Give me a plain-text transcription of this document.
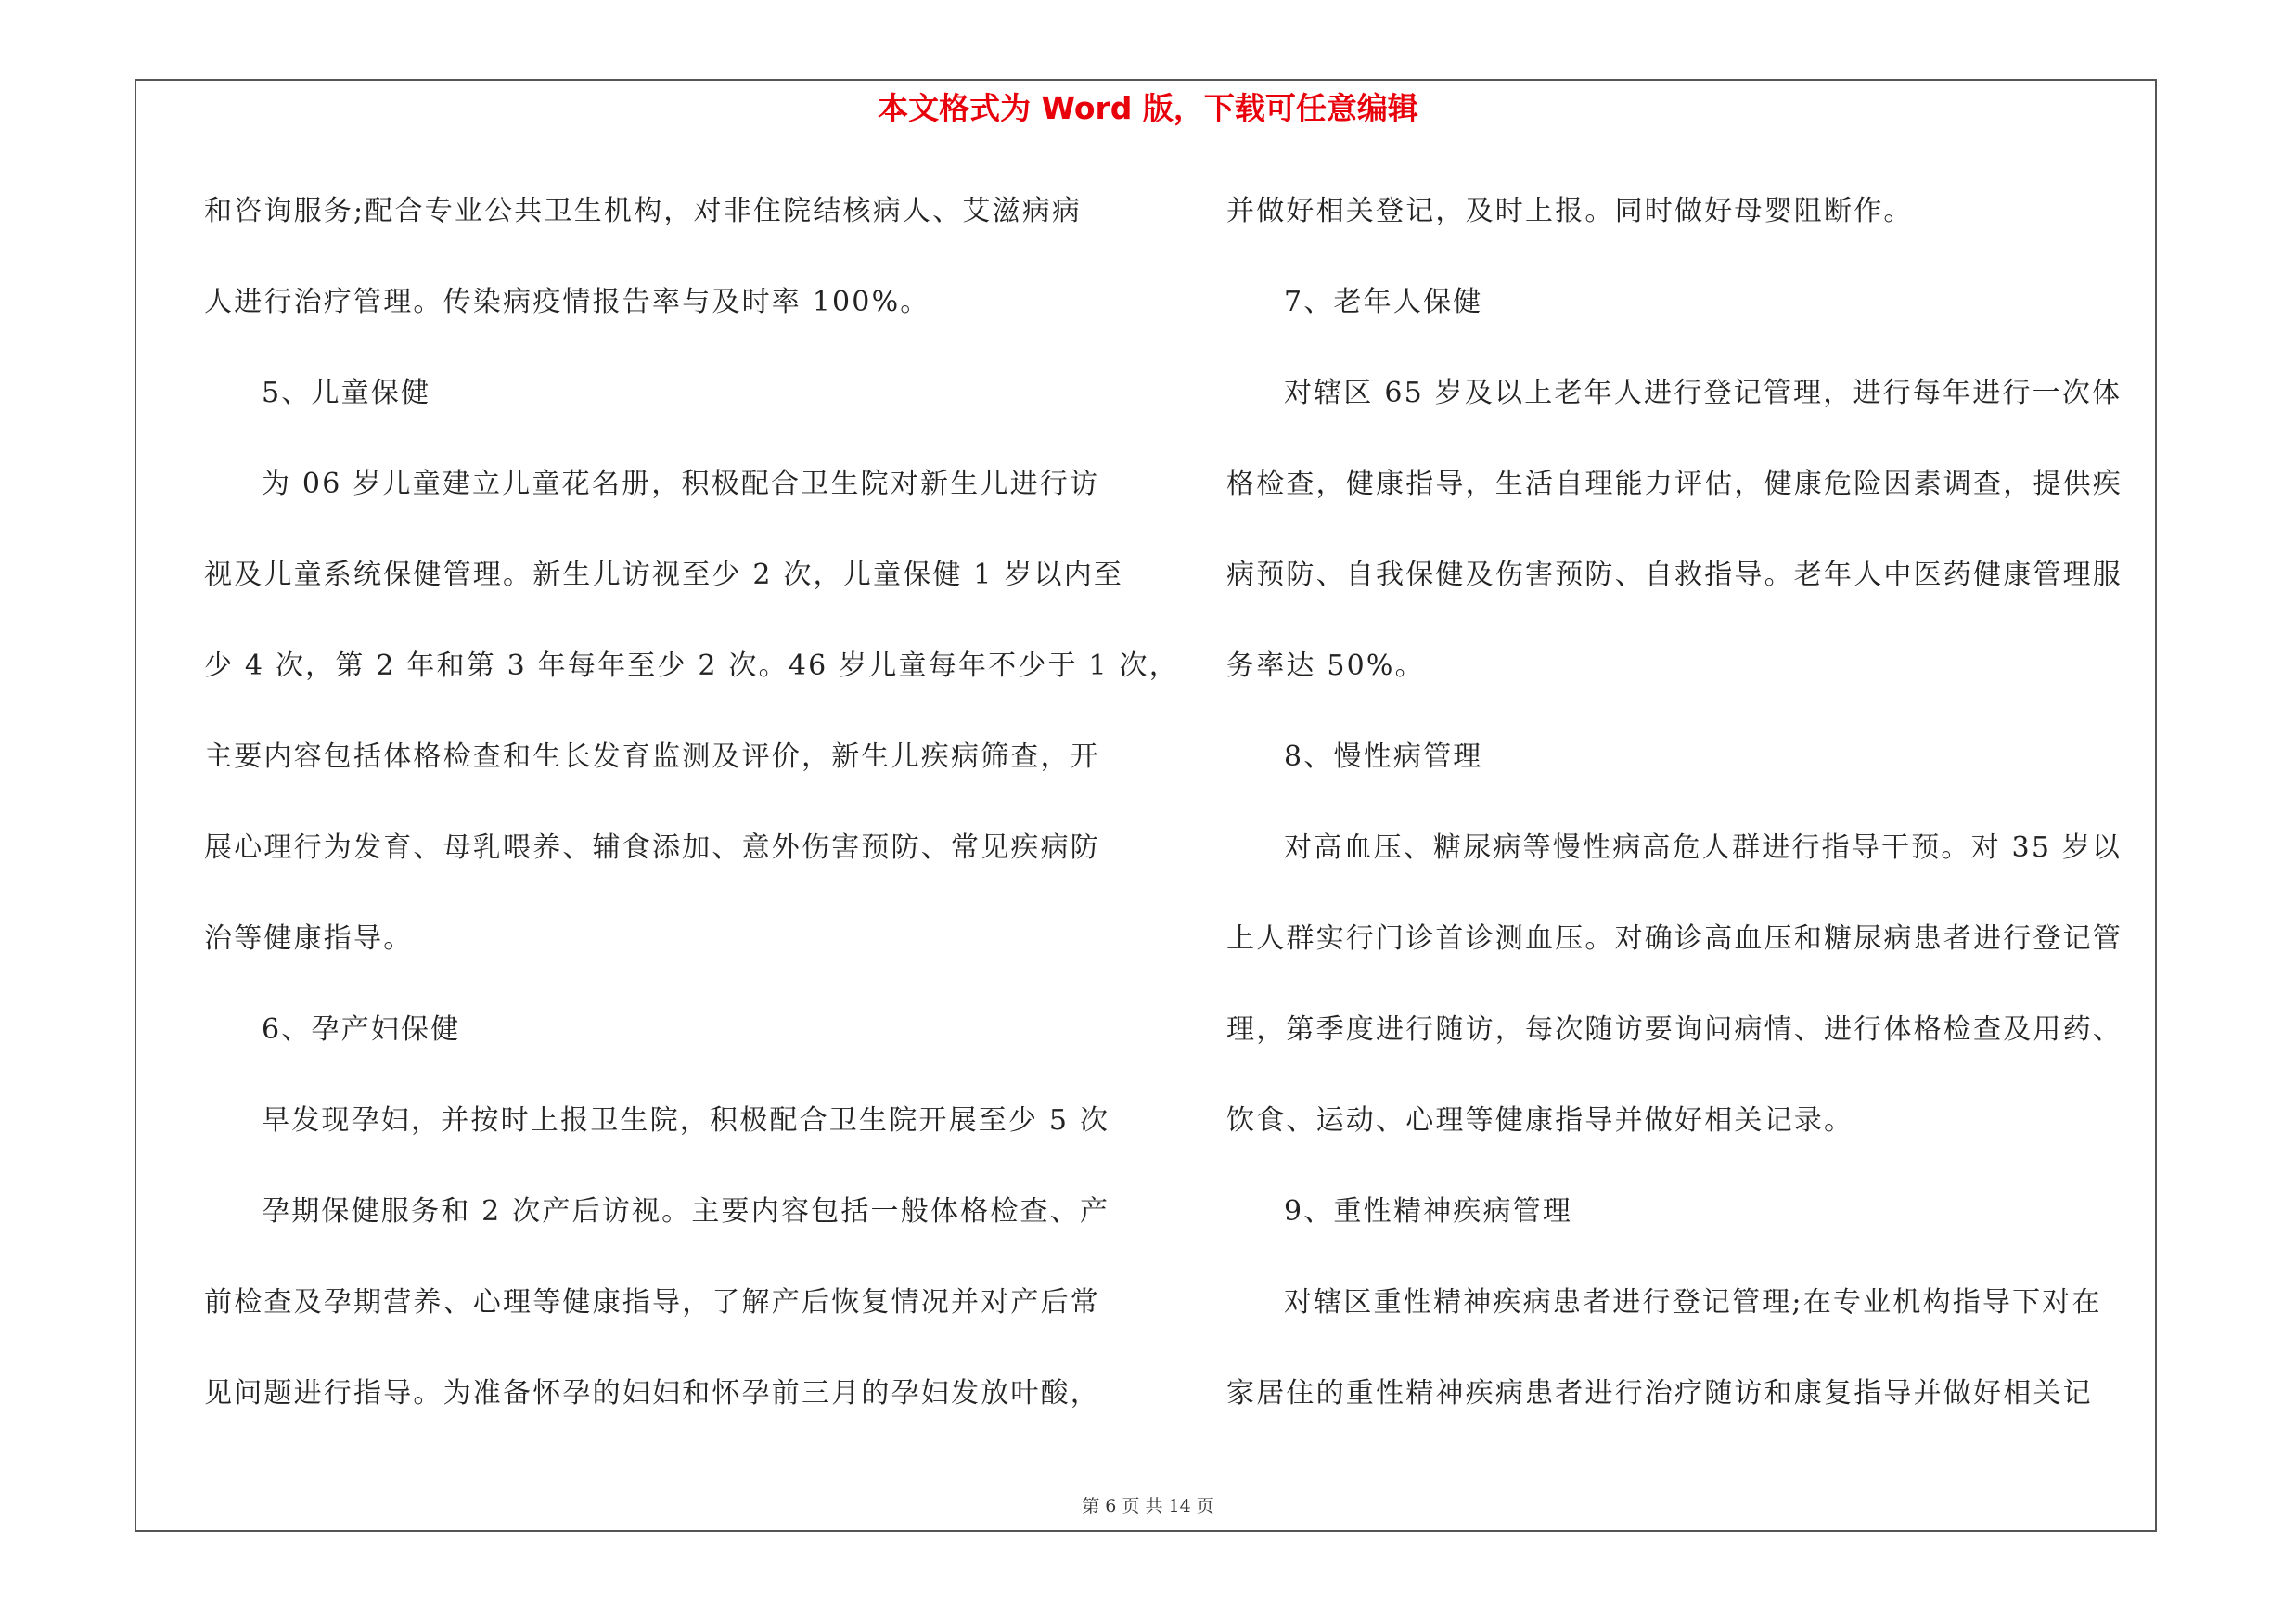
本文格式为 Word 版，下载可任意编辑
和咨询服务;配合专业公共卫生机构，对非住院结核病人、艾滋病病
人进行治疗管理。传染病疫情报告率与及时率 100%。
5、儿童保健
为 06 岁儿童建立儿童花名册，积极配合卫生院对新生儿进行访
视及儿童系统保健管理。新生儿访视至少 2 次，儿童保健 1 岁以内至
少 4 次，第 2 年和第 3 年每年至少 2 次。46 岁儿童每年不少于 1 次，
主要内容包括体格检查和生长发育监测及评价，新生儿疾病筛查，开
展心理行为发育、母乳喂养、辅食添加、意外伤害预防、常见疾病防
治等健康指导。
6、孕产妇保健
早发现孕妇，并按时上报卫生院，积极配合卫生院开展至少 5 次
孕期保健服务和 2 次产后访视。主要内容包括一般体格检查、产
前检查及孕期营养、心理等健康指导，了解产后恢复情况并对产后常
见问题进行指导。为准备怀孕的妇妇和怀孕前三月的孕妇发放叶酸，
并做好相关登记，及时上报。同时做好母婴阻断作。
7、老年人保健
对辖区 65 岁及以上老年人进行登记管理，进行每年进行一次体
格检查，健康指导，生活自理能力评估，健康危险因素调查，提供疾
病预防、自我保健及伤害预防、自救指导。老年人中医药健康管理服
务率达 50%。
8、慢性病管理
对高血压、糖尿病等慢性病高危人群进行指导干预。对 35 岁以
上人群实行门诊首诊测血压。对确诊高血压和糖尿病患者进行登记管
理，第季度进行随访，每次随访要询问病情、进行体格检查及用药、
饮食、运动、心理等健康指导并做好相关记录。
9、重性精神疾病管理
对辖区重性精神疾病患者进行登记管理;在专业机构指导下对在
家居住的重性精神疾病患者进行治疗随访和康复指导并做好相关记
第 6 页 共 14 页
